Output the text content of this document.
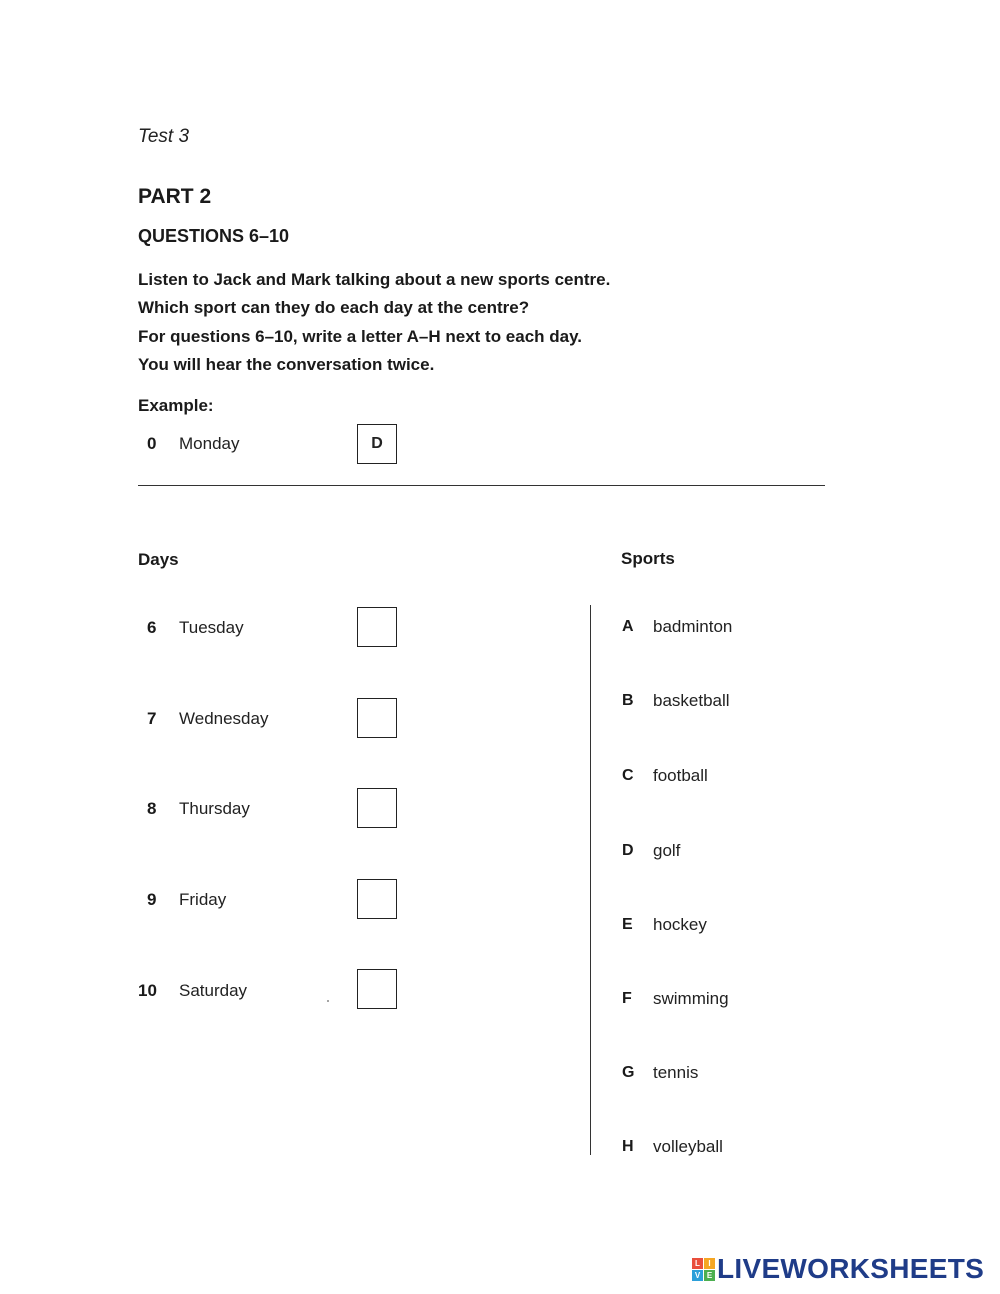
Test 3
PART 2
QUESTIONS 6–10
Listen to Jack and Mark talking about a new sports centre.
Which sport can they do each day at the centre?
For questions 6–10, write a letter A–H next to each day.
You will hear the conversation twice.
Example:
0	Monday	D
Days	Sports
6	Tuesday
7	Wednesday
8	Thursday
9	Friday
10	Saturday
A	badminton
B	basketball
C	football
D	golf
E	hockey
F	swimming
G	tennis
H	volleyball
L	I
V E LIVEWORKSHEETS
